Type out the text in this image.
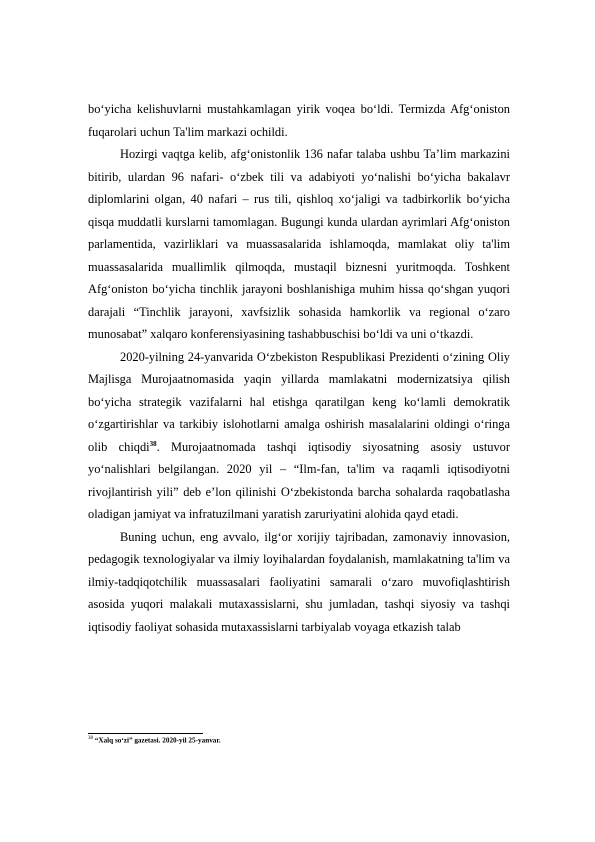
boʻyicha kelishuvlarni mustahkamlagan yirik voqea boʻldi. Termizda Afgʻoniston fuqarolari uchun Ta'lim markazi ochildi.

Hozirgi vaqtga kelib, afgʻonistonlik 136 nafar talaba ushbu Ta’lim markazini bitirib, ulardan 96 nafari- oʻzbek tili va adabiyoti yoʻnalishi boʻyicha bakalavr diplomlarini olgan, 40 nafari – rus tili, qishloq xoʻjaligi va tadbirkorlik boʻyicha qisqa muddatli kurslarni tamomlagan. Bugungi kunda ulardan ayrimlari Afgʻoniston parlamentida, vazirliklari va muassasalarida ishlamoqda, mamlakat oliy ta'lim muassasalarida muallimlik qilmoqda, mustaqil biznesni yuritmoqda. Toshkent Afgʻoniston boʻyicha tinchlik jarayoni boshlanishiga muhim hissa qoʻshgan yuqori darajali “Tinchlik jarayoni, xavfsizlik sohasida hamkorlik va regional oʻzaro munosabat” xalqaro konferensiyasining tashabbuschisi boʻldi va uni oʻtkazdi.

2020-yilning 24-yanvarida Oʻzbekiston Respublikasi Prezidenti oʻzining Oliy Majlisga Murojaatnomasida yaqin yillarda mamlakatni modernizatsiya qilish boʻyicha strategik vazifalarni hal etishga qaratilgan keng koʻlamli demokratik oʻzgartirishlar va tarkibiy islohotlarni amalga oshirish masalalarini oldingi oʻringa olib chiqdi$^{38}$. Murojaatnomada tashqi iqtisodiy siyosatning asosiy ustuvor yoʻnalishlari belgilangan. 2020 yil – “Ilm-fan, ta'lim va raqamli iqtisodiyotni rivojlantirish yili” deb e’lon qilinishi Oʻzbekistonda barcha sohalarda raqobatlasha oladigan jamiyat va infratuzilmani yaratish zaruriyatini alohida qayd etadi.

Buning uchun, eng avvalo, ilgʻor xorijiy tajribadan, zamonaviy innovasion, pedagogik texnologiyalar va ilmiy loyihalardan foydalanish, mamlakatning ta'lim va ilmiy-tadqiqotchilik muassasalari faoliyatini samarali oʻzaro muvofiqlashtirish asosida yuqori malakali mutaxassislarni, shu jumladan, tashqi siyosiy va tashqi iqtisodiy faoliyat sohasida mutaxassislarni tarbiyalab voyaga etkazish talab

$^{38}$ “Xalq soʻzi” gazetasi. 2020-yil 25-yanvar.
